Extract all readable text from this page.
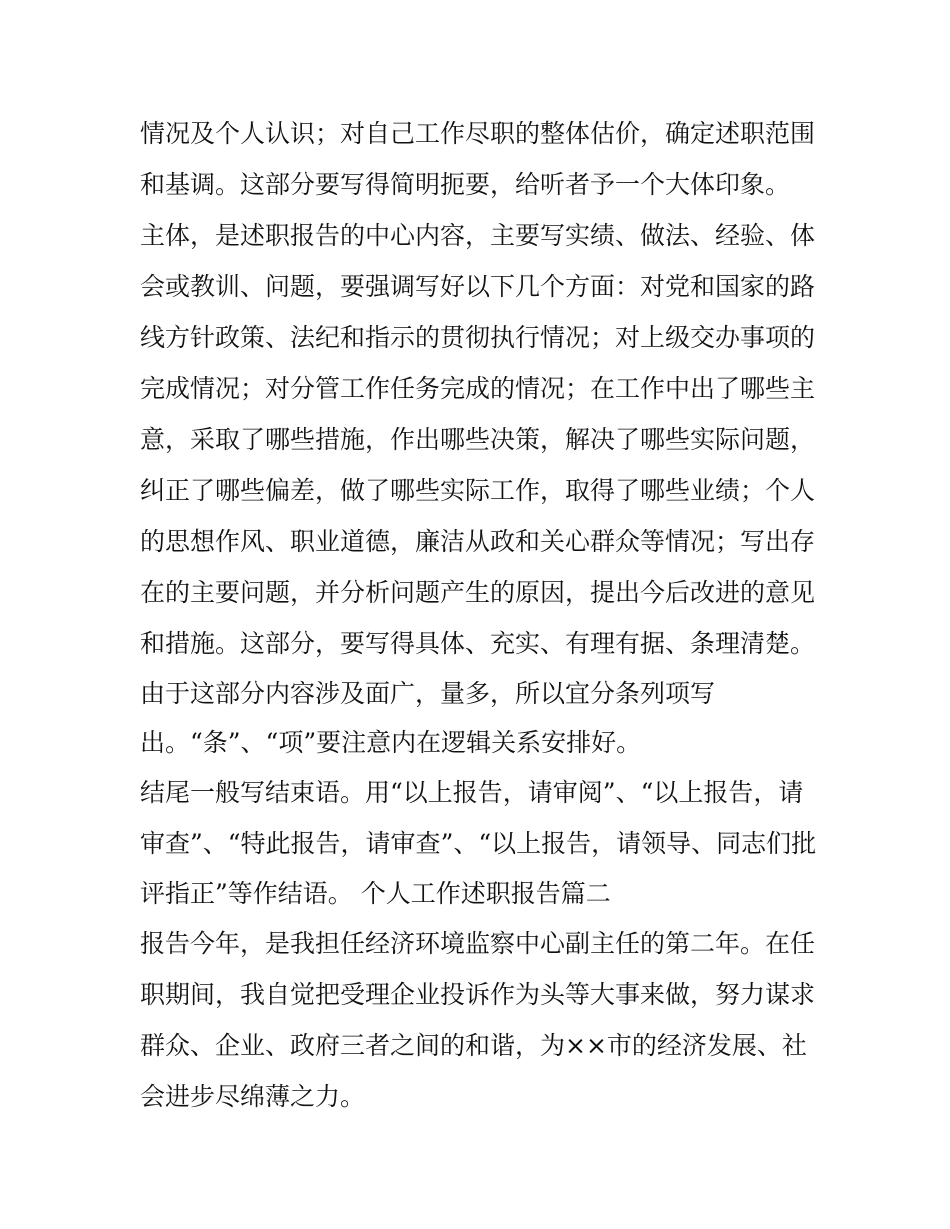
情况及个人认识；对自己工作尽职的整体估价，确定述职范围
和基调。这部分要写得简明扼要，给听者予一个大体印象。
主体，是述职报告的中心内容，主要写实绩、做法、经验、体
会或教训、问题，要强调写好以下几个方面：对党和国家的路
线方针政策、法纪和指示的贯彻执行情况；对上级交办事项的
完成情况；对分管工作任务完成的情况；在工作中出了哪些主
意，采取了哪些措施，作出哪些决策，解决了哪些实际问题，
纠正了哪些偏差，做了哪些实际工作，取得了哪些业绩；个人
的思想作风、职业道德，廉洁从政和关心群众等情况；写出存
在的主要问题，并分析问题产生的原因，提出今后改进的意见
和措施。这部分，要写得具体、充实、有理有据、条理清楚。
由于这部分内容涉及面广，量多，所以宜分条列项写
出。“条”、“项”要注意内在逻辑关系安排好。
结尾一般写结束语。用“以上报告，请审阅”、“以上报告，请
审查”、“特此报告，请审查”、“以上报告，请领导、同志们批
评指正”等作结语。 个人工作述职报告篇二
报告今年，是我担任经济环境监察中心副主任的第二年。在任
职期间，我自觉把受理企业投诉作为头等大事来做，努力谋求
群众、企业、政府三者之间的和谐，为××市的经济发展、社
会进步尽绵薄之力。
